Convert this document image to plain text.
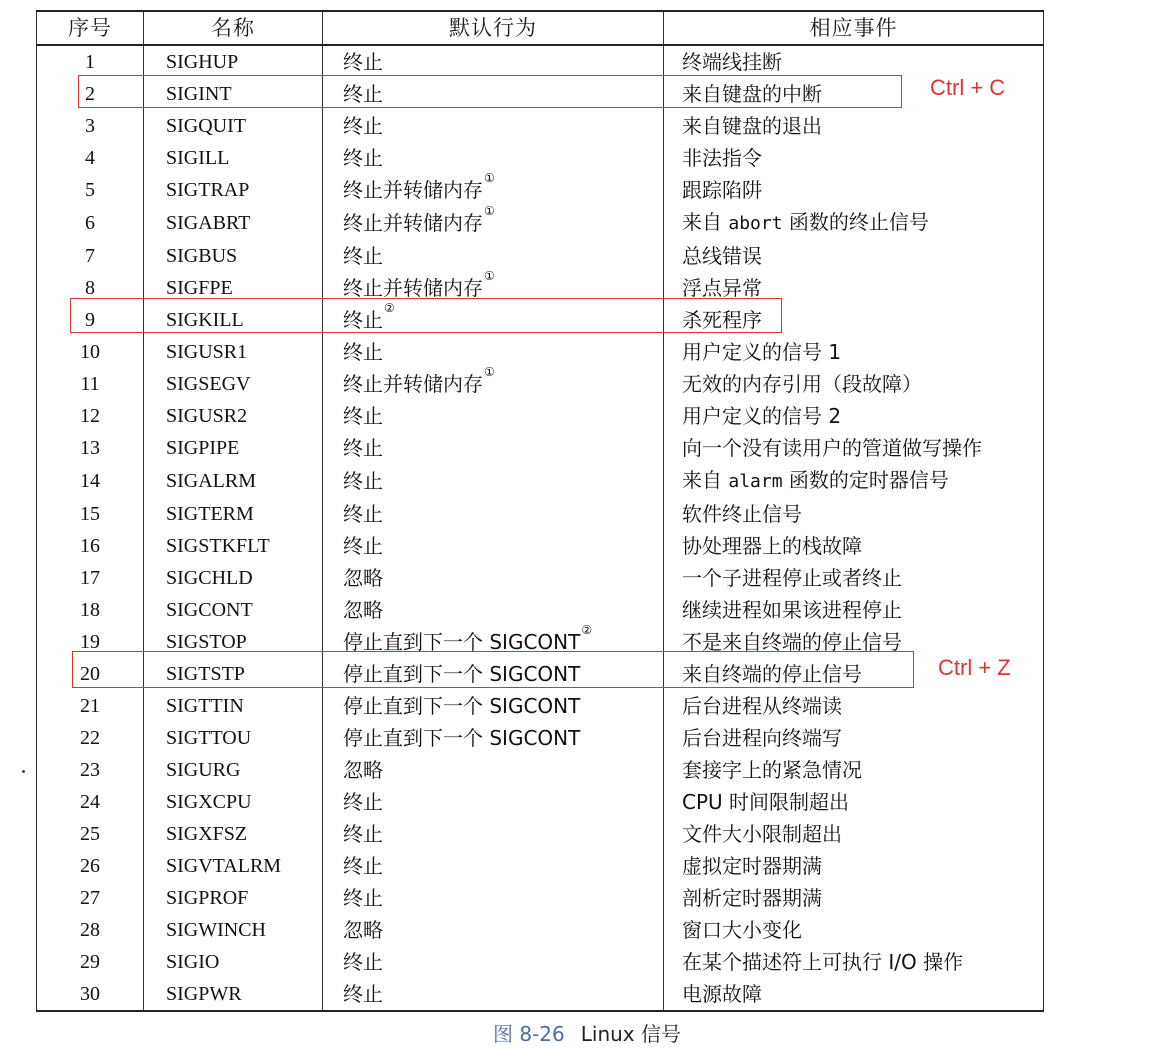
序号	名称	默认行为	相应事件
1	SIGHUP	终止	终端线挂断
2	SIGINT	终止	来自键盘的中断
3	SIGQUIT	终止	来自键盘的退出
4	SIGILL	终止	非法指令
5	SIGTRAP	终止并转储内存①	跟踪陷阱
6	SIGABRT	终止并转储内存①	来自 abort 函数的终止信号
7	SIGBUS	终止	总线错误
8	SIGFPE	终止并转储内存①	浮点异常
9	SIGKILL	终止②	杀死程序
10	SIGUSR1	终止	用户定义的信号 1
11	SIGSEGV	终止并转储内存①	无效的内存引用（段故障）
12	SIGUSR2	终止	用户定义的信号 2
13	SIGPIPE	终止	向一个没有读用户的管道做写操作
14	SIGALRM	终止	来自 alarm 函数的定时器信号
15	SIGTERM	终止	软件终止信号
16	SIGSTKFLT	终止	协处理器上的栈故障
17	SIGCHLD	忽略	一个子进程停止或者终止
18	SIGCONT	忽略	继续进程如果该进程停止
19	SIGSTOP	停止直到下一个 SIGCONT②	不是来自终端的停止信号
20	SIGTSTP	停止直到下一个 SIGCONT	来自终端的停止信号
21	SIGTTIN	停止直到下一个 SIGCONT	后台进程从终端读
22	SIGTTOU	停止直到下一个 SIGCONT	后台进程向终端写
23	SIGURG	忽略	套接字上的紧急情况
24	SIGXCPU	终止	CPU 时间限制超出
25	SIGXFSZ	终止	文件大小限制超出
26	SIGVTALRM	终止	虚拟定时器期满
27	SIGPROF	终止	剖析定时器期满
28	SIGWINCH	忽略	窗口大小变化
29	SIGIO	终止	在某个描述符上可执行 I/O 操作
30	SIGPWR	终止	电源故障
Ctrl + C
Ctrl + Z
图 8-26 Linux 信号
